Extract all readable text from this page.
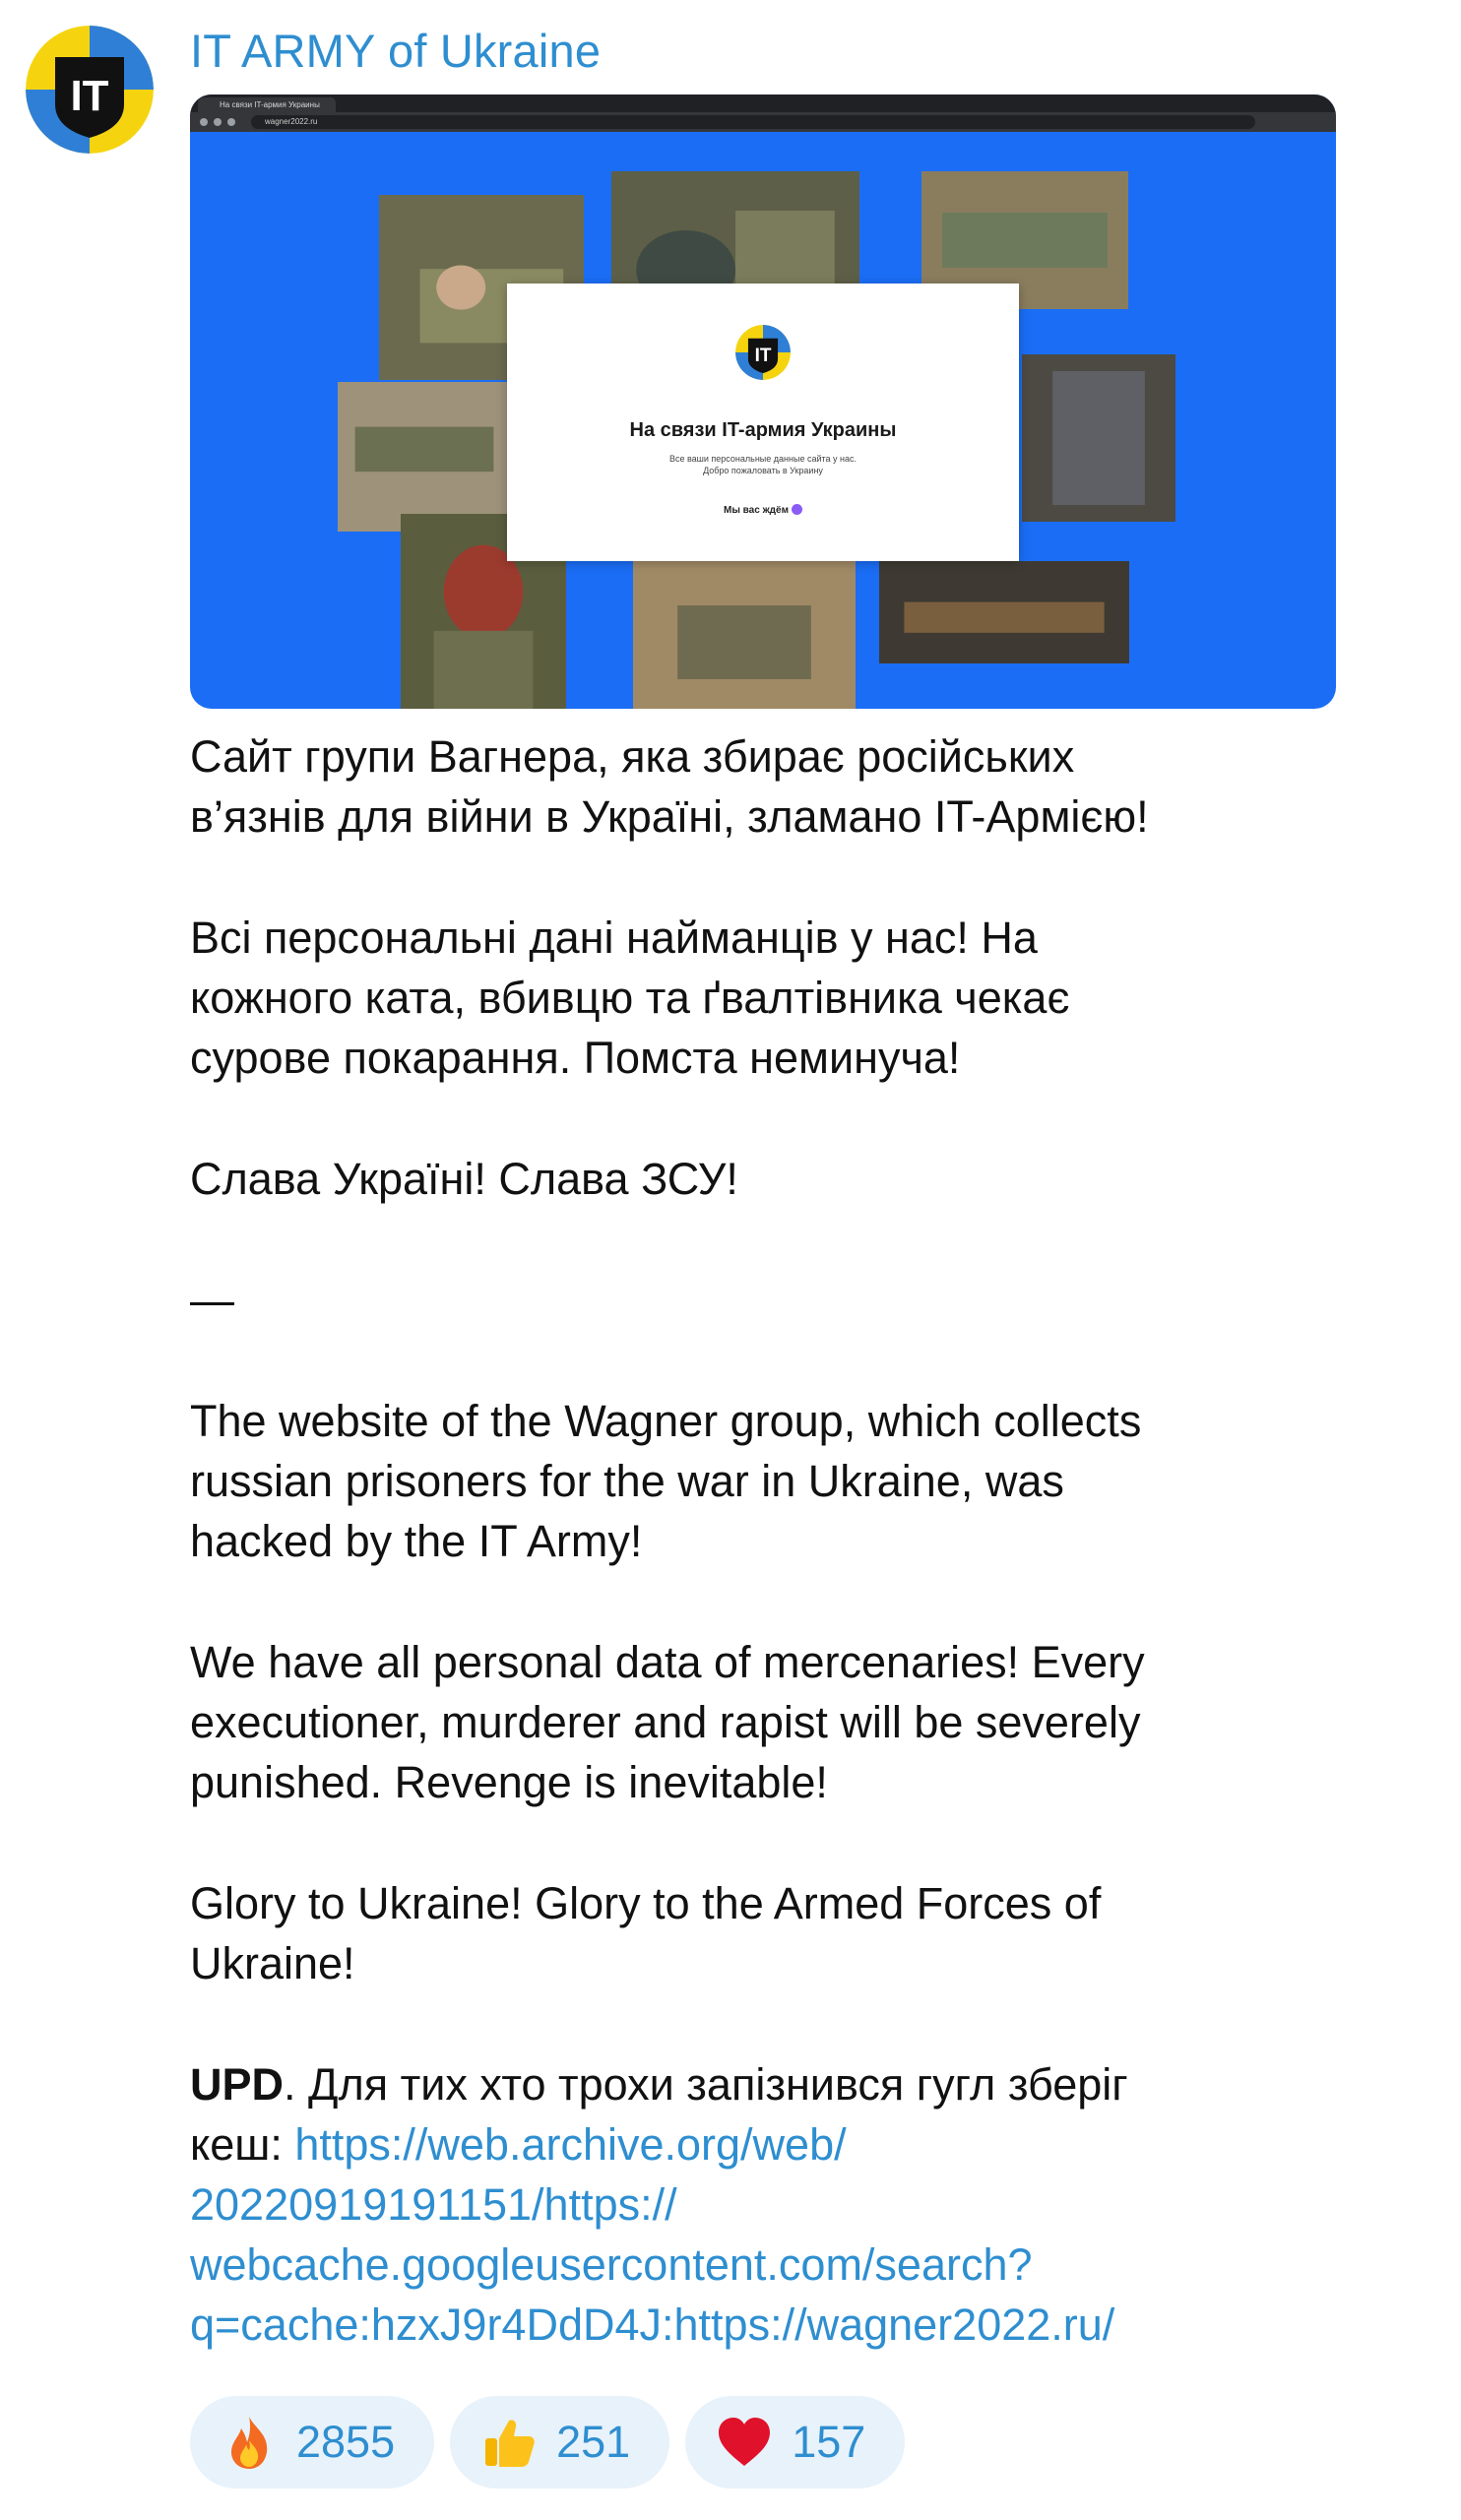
IT
IT ARMY of Ukraine
На связи IT-армия Украины
wagner2022.ru
IT
На связи IT-армия Украины
Все ваши персональные данные сайта у нас.
Добро пожаловать в Украину
Мы вас ждём

Сайт групи Вагнера, яка збирає російських
в’язнів для війни в Україні, зламано IT-Армією!

Всі персональні дані найманців у нас! На
кожного ката, вбивцю та ґвалтівника чекає
сурове покарання. Помста неминуча!

Слава Україні! Слава ЗСУ!

—

The website of the Wagner group, which collects
russian prisoners for the war in Ukraine, was
hacked by the IT Army!

We have all personal data of mercenaries! Every
executioner, murderer and rapist will be severely
punished. Revenge is inevitable!

Glory to Ukraine! Glory to the Armed Forces of
Ukraine!

UPD. Для тих хто трохи запізнився гугл зберіг
кеш: https://web.archive.org/web/
20220919191151/https://
webcache.googleusercontent.com/search?
q=cache:hzxJ9r4DdD4J:https://wagner2022.ru/

2855	251	157
